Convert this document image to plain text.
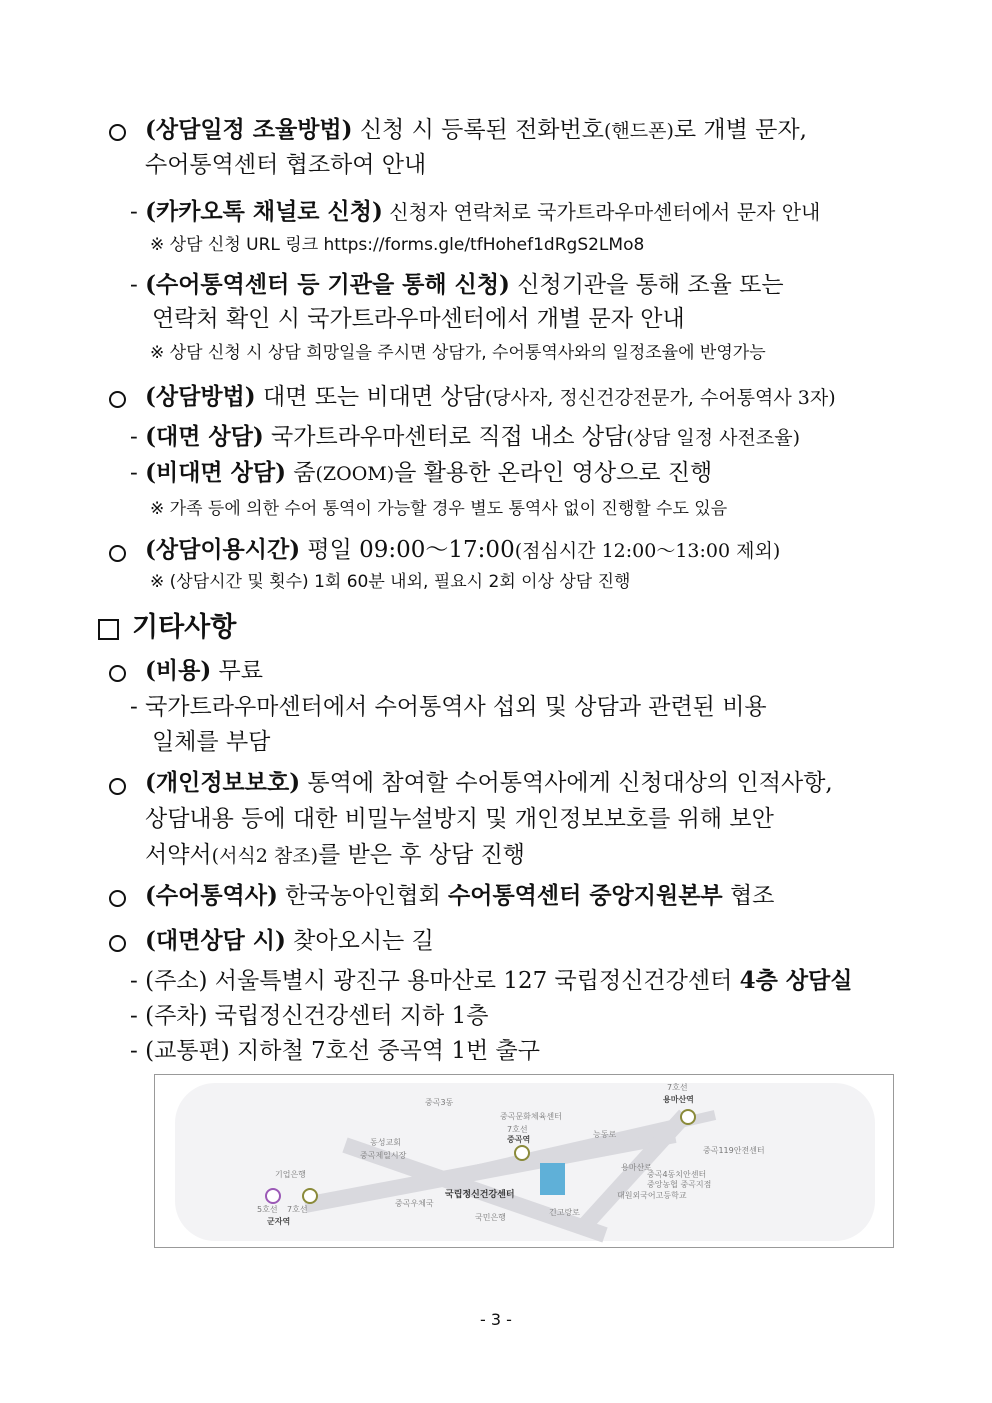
(상담일정 조율방법) 신청 시 등록된 전화번호(핸드폰)로 개별 문자,
수어통역센터 협조하여 안내
- (카카오톡 채널로 신청) 신청자 연락처로 국가트라우마센터에서 문자 안내
※ 상담 신청 URL 링크 https://forms.gle/tfHohef1dRgS2LMo8
- (수어통역센터 등 기관을 통해 신청) 신청기관을 통해 조율 또는
연락처 확인 시 국가트라우마센터에서 개별 문자 안내
※ 상담 신청 시 상담 희망일을 주시면 상담가, 수어통역사와의 일정조율에 반영가능
(상담방법) 대면 또는 비대면 상담(당사자, 정신건강전문가, 수어통역사 3자)
- (대면 상담) 국가트라우마센터로 직접 내소 상담(상담 일정 사전조율)
- (비대면 상담) 줌(ZOOM)을 활용한 온라인 영상으로 진행
※ 가족 등에 의한 수어 통역이 가능할 경우 별도 통역사 없이 진행할 수도 있음
(상담이용시간) 평일 09:00～17:00(점심시간 12:00～13:00 제외)
※ (상담시간 및 횟수) 1회 60분 내외, 필요시 2회 이상 상담 진행
기타사항
(비용) 무료
- 국가트라우마센터에서 수어통역사 섭외 및 상담과 관련된 비용
일체를 부담
(개인정보보호) 통역에 참여할 수어통역사에게 신청대상의 인적사항,
상담내용 등에 대한 비밀누설방지 및 개인정보보호를 위해 보안
서약서(서식2 참조)를 받은 후 상담 진행
(수어통역사) 한국농아인협회 수어통역센터 중앙지원본부 협조
(대면상담 시) 찾아오시는 길
- (주소) 서울특별시 광진구 용마산로 127 국립정신건강센터 4층 상담실
- (주차) 국립정신건강센터 지하 1층
- (교통편) 지하철 7호선 중곡역 1번 출구
7호선
용마산역
7호선
중곡역
5호선 7호선
군자역
국립정신건강센터
중곡3동
중곡문화체육센터
동성교회
중곡제일시장
기업은행
중곡우체국
국민은행
중곡119안전센터
중곡4동치안센터
중앙농협 중곡지점
대원외국어고등학교
능동로
용마산로
긴고랑로
- 3 -
